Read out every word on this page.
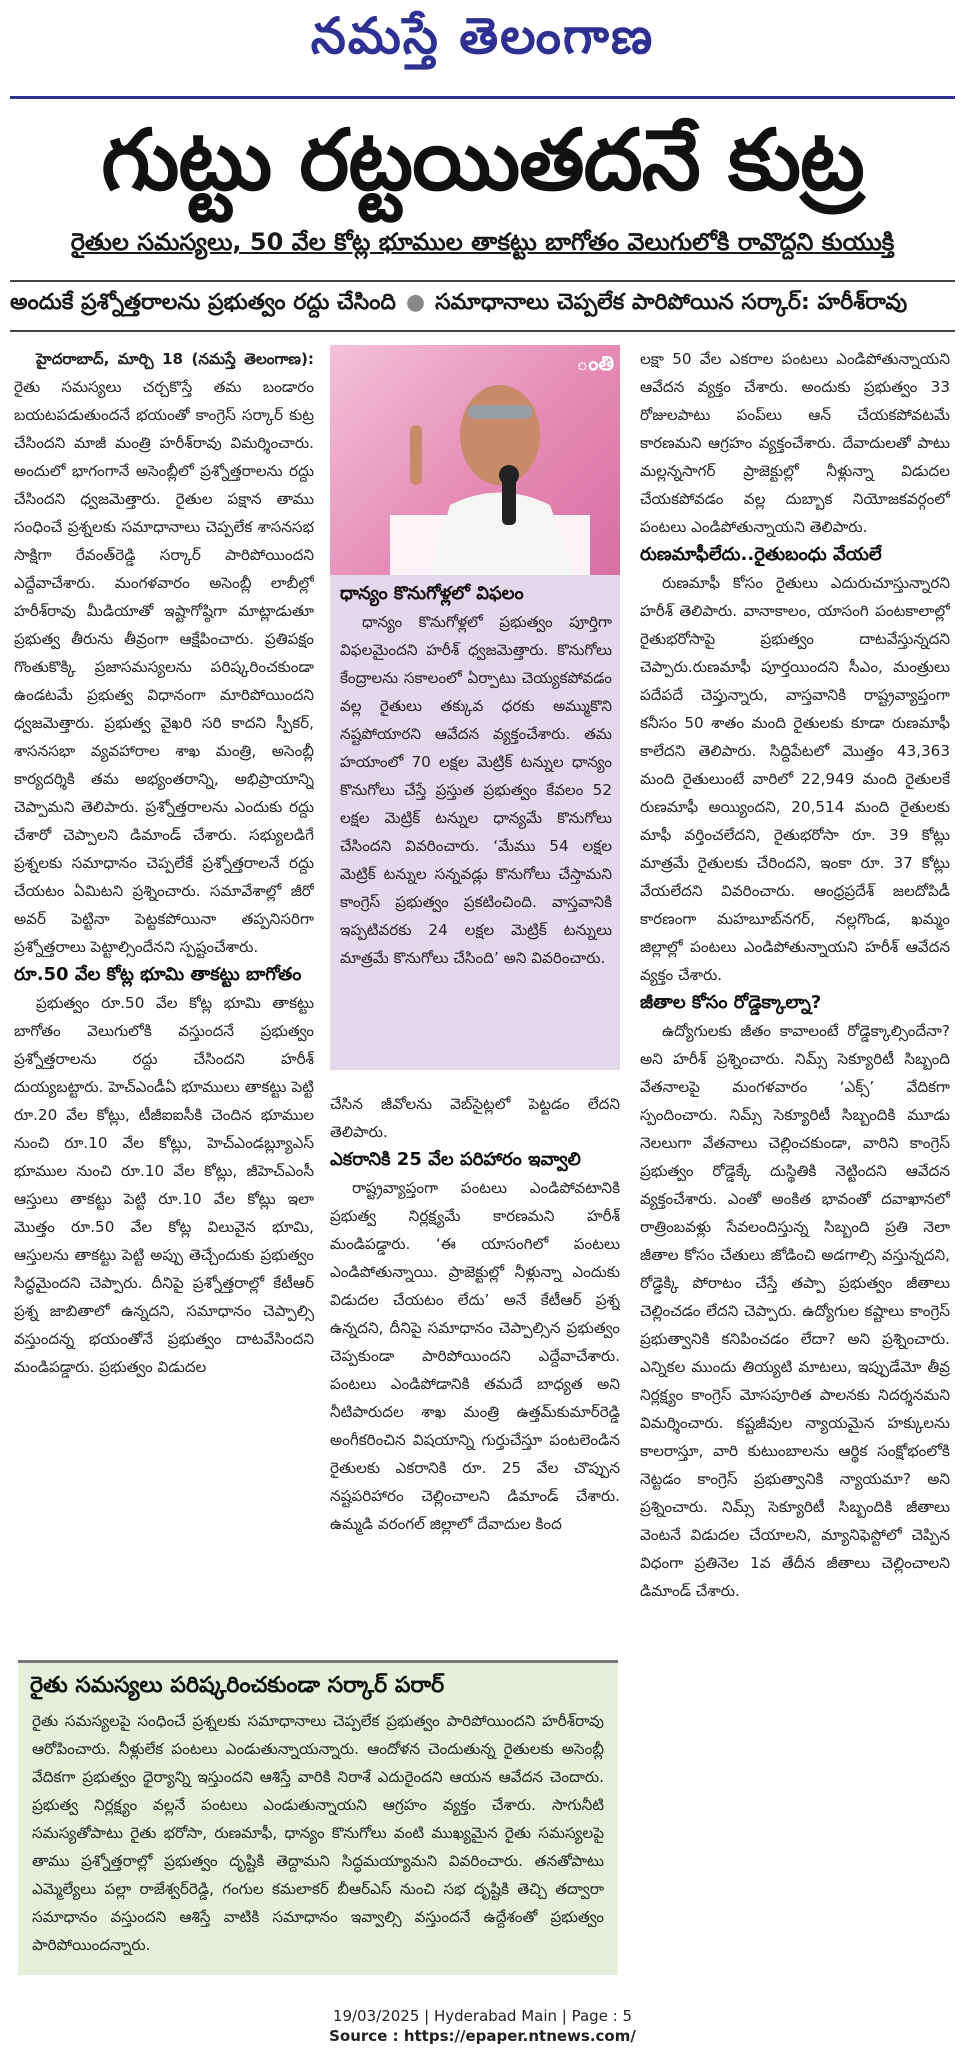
నమస్తే తెలంగాణ
గుట్టు రట్టయితదనే కుట్ర
రైతుల సమస్యలు, 50 వేల కోట్ల భూముల తాకట్టు బాగోతం వెలుగులోకి రావొద్దని కుయుక్తి
అందుకే ప్రశ్నోత్తరాలను ప్రభుత్వం రద్దు చేసింది ● సమాధానాలు చెప్పలేక పారిపోయిన సర్కార్: హరీశ్‌రావు

హైదరాబాద్, మార్చి 18 (నమస్తే తెలంగాణ): రైతు సమస్యలు చర్చకొస్తే తమ బండారం బయటపడుతుందనే భయంతో కాంగ్రెస్ సర్కార్ కుట్ర చేసిందని మాజీ మంత్రి హరీశ్‌రావు విమర్శించారు. అందులో భాగంగానే అసెంబ్లీలో ప్రశ్నోత్తరాలను రద్దు చేసిందని ధ్వజమెత్తారు. రైతుల పక్షాన తాము సంధించే ప్రశ్నలకు సమాధానాలు చెప్పలేక శాసనసభ సాక్షిగా రేవంత్‌రెడ్డి సర్కార్ పారిపోయిందని ఎద్దేవాచేశారు. మంగళవారం అసెంబ్లీ లాబీల్లో హరీశ్‌రావు మీడియాతో ఇష్టాగోష్ఠిగా మాట్లాడుతూ ప్రభుత్వ తీరును తీవ్రంగా ఆక్షేపించారు. ప్రతిపక్షం గొంతుకొక్కి ప్రజాసమస్యలను పరిష్కరించకుండా ఉండటమే ప్రభుత్వ విధానంగా మారిపోయిందని ధ్వజమెత్తారు. ప్రభుత్వ వైఖరి సరి కాదని స్పీకర్, శాసనసభా వ్యవహారాల శాఖ మంత్రి, అసెంబ్లీ కార్యదర్శికి తమ అభ్యంతరాన్ని, అభిప్రాయాన్ని చెప్పామని తెలిపారు. ప్రశ్నోత్తరాలను ఎందుకు రద్దు చేశారో చెప్పాలని డిమాండ్ చేశారు. సభ్యులడిగే ప్రశ్నలకు సమాధానం చెప్పలేకే ప్రశ్నోత్తరాలనే రద్దు చేయటం ఏమిటని ప్రశ్నించారు. సమావేశాల్లో జీరో అవర్ పెట్టినా పెట్టకపోయినా తప్పనిసరిగా ప్రశ్నోత్తరాలు పెట్టాల్సిందేనని స్పష్టంచేశారు.

రూ.50 వేల కోట్ల భూమి తాకట్టు బాగోతం

ప్రభుత్వం రూ.50 వేల కోట్ల భూమి తాకట్టు బాగోతం వెలుగులోకి వస్తుందనే ప్రభుత్వం ప్రశ్నోత్తరాలను రద్దు చేసిందని హరీశ్ దుయ్యబట్టారు. హెచ్‌ఎండీఏ భూములు తాకట్టు పెట్టి రూ.20 వేల కోట్లు, టీజీఐఐసీకి చెందిన భూముల నుంచి రూ.10 వేల కోట్లు, హెచ్‌ఎండబ్ల్యూఎస్ భూముల నుంచి రూ.10 వేల కోట్లు, జీహెచ్‌ఎంసీ ఆస్తులు తాకట్టు పెట్టి రూ.10 వేల కోట్లు ఇలా మొత్తం రూ.50 వేల కోట్ల విలువైన భూమి, ఆస్తులను తాకట్టు పెట్టి అప్పు తెచ్చేందుకు ప్రభుత్వం సిద్ధమైందని చెప్పారు. దీనిపై ప్రశ్నోత్తరాల్లో కేటీఆర్ ప్రశ్న జాబితాలో ఉన్నదని, సమాధానం చెప్పాల్సి వస్తుందన్న భయంతోనే ప్రభుత్వం దాటవేసిందని మండిపడ్డారు. ప్రభుత్వం విడుదల

ంతి

ధాన్యం కొనుగోళ్లలో విఫలం

ధాన్యం కొనుగోళ్లలో ప్రభుత్వం పూర్తిగా విఫలమైందని హరీశ్ ధ్వజమెత్తారు. కొనుగోలు కేంద్రాలను సకాలంలో ఏర్పాటు చెయ్యకపోవడం వల్ల రైతులు తక్కువ ధరకు అమ్ముకొని నష్టపోయారని ఆవేదన వ్యక్తంచేశారు. తమ హయాంలో 70 లక్షల మెట్రిక్ టన్నుల ధాన్యం కొనుగోలు చేస్తే ప్రస్తుత ప్రభుత్వం కేవలం 52 లక్షల మెట్రిక్ టన్నుల ధాన్యమే కొనుగోలు చేసిందని వివరించారు. ‘మేము 54 లక్షల మెట్రిక్ టన్నుల సన్నవడ్లు కొనుగోలు చేస్తామని కాంగ్రెస్ ప్రభుత్వం ప్రకటించింది. వాస్తవానికి ఇప్పటివరకు 24 లక్షల మెట్రిక్ టన్నులు మాత్రమే కొనుగోలు చేసింది’ అని వివరించారు.

చేసిన జీవోలను వెబ్‌సైట్లలో పెట్టడం లేదని తెలిపారు.

ఎకరానికి 25 వేల పరిహారం ఇవ్వాలి

రాష్ట్రవ్యాప్తంగా పంటలు ఎండిపోవటానికి ప్రభుత్వ నిర్లక్ష్యమే కారణమని హరీశ్ మండిపడ్డారు. ‘ఈ యాసంగిలో పంటలు ఎండిపోతున్నాయి. ప్రాజెక్టుల్లో నీళ్లున్నా ఎందుకు విడుదల చేయటం లేదు’ అనే కేటీఆర్ ప్రశ్న ఉన్నదని, దీనిపై సమాధానం చెప్పాల్సిన ప్రభుత్వం చెప్పకుండా పారిపోయిందని ఎద్దేవాచేశారు. పంటలు ఎండిపోడానికి తమదే బాధ్యత అని నీటిపారుదల శాఖ మంత్రి ఉత్తమ్‌కుమార్‌రెడ్డి అంగీకరించిన విషయాన్ని గుర్తుచేస్తూ పంటలెండిన రైతులకు ఎకరానికి రూ. 25 వేల చొప్పున నష్టపరిహారం చెల్లించాలని డిమాండ్ చేశారు. ఉమ్మడి వరంగల్ జిల్లాలో దేవాదుల కింద

లక్షా 50 వేల ఎకరాల పంటలు ఎండిపోతున్నాయని ఆవేదన వ్యక్తం చేశారు. అందుకు ప్రభుత్వం 33 రోజులపాటు పంప్‌లు ఆన్ చేయకపోవటమే కారణమని ఆగ్రహం వ్యక్తంచేశారు. దేవాదులతో పాటు మల్లన్నసాగర్ ప్రాజెక్టుల్లో నీళ్లున్నా విడుదల చేయకపోవడం వల్ల దుబ్బాక నియోజకవర్గంలో పంటలు ఎండిపోతున్నాయని తెలిపారు.

రుణమాఫీలేదు..రైతుబంధు వేయలే

రుణమాఫీ కోసం రైతులు ఎదురుచూస్తున్నారని హరీశ్ తెలిపారు. వానాకాలం, యాసంగి పంటకాలాల్లో రైతుభరోసాపై ప్రభుత్వం దాటవేస్తున్నదని చెప్పారు.రుణమాఫీ పూర్తయిందని సీఎం, మంత్రులు పదేపదే చెప్తున్నారు, వాస్తవానికి రాష్ట్రవ్యాప్తంగా కనీసం 50 శాతం మంది రైతులకు కూడా రుణమాఫీ కాలేదని తెలిపారు. సిద్దిపేటలో మొత్తం 43,363 మంది రైతులుంటే వారిలో 22,949 మంది రైతులకే రుణమాఫీ అయ్యిందని, 20,514 మంది రైతులకు మాఫీ వర్తించలేదని, రైతుభరోసా రూ. 39 కోట్లు మాత్రమే రైతులకు చేరిందని, ఇంకా రూ. 37 కోట్లు వేయలేదని వివరించారు. ఆంధ్రప్రదేశ్ జలదోపిడీ కారణంగా మహబూబ్‌నగర్, నల్లగొండ, ఖమ్మం జిల్లాల్లో పంటలు ఎండిపోతున్నాయని హరీశ్ ఆవేదన వ్యక్తం చేశారు.

జీతాల కోసం రోడ్డెక్కాల్నా?

ఉద్యోగులకు జీతం కావాలంటే రోడ్డెక్కాల్సిందేనా? అని హరీశ్ ప్రశ్నించారు. నిమ్స్ సెక్యూరిటీ సిబ్బంది వేతనాలపై మంగళవారం ‘ఎక్స్’ వేదికగా స్పందించారు. నిమ్స్ సెక్యూరిటీ సిబ్బందికి మూడు నెలలుగా వేతనాలు చెల్లించకుండా, వారిని కాంగ్రెస్ ప్రభుత్వం రోడ్డెక్కే దుస్థితికి నెట్టిందని ఆవేదన వ్యక్తంచేశారు. ఎంతో అంకిత భావంతో దవాఖానలో రాత్రింబవళ్లు సేవలందిస్తున్న సిబ్బంది ప్రతి నెలా జీతాల కోసం చేతులు జోడించి అడగాల్సి వస్తున్నదని, రోడ్డెక్కి పోరాటం చేస్తే తప్పా ప్రభుత్వం జీతాలు చెల్లించడం లేదని చెప్పారు. ఉద్యోగుల కష్టాలు కాంగ్రెస్ ప్రభుత్వానికి కనిపించడం లేదా? అని ప్రశ్నించారు. ఎన్నికల ముందు తియ్యటి మాటలు, ఇప్పుడేమో తీవ్ర నిర్లక్ష్యం కాంగ్రెస్ మోసపూరిత పాలనకు నిదర్శనమని విమర్శించారు. కష్టజీవుల న్యాయమైన హక్కులను కాలరాస్తూ, వారి కుటుంబాలను ఆర్థిక సంక్షోభంలోకి నెట్టడం కాంగ్రెస్ ప్రభుత్వానికి న్యాయమా? అని ప్రశ్నించారు. నిమ్స్ సెక్యూరిటీ సిబ్బందికి జీతాలు వెంటనే విడుదల చేయాలని, మ్యానిఫెస్టోలో చెప్పిన విధంగా ప్రతినెల 1వ తేదీన జీతాలు చెల్లించాలని డిమాండ్ చేశారు.

రైతు సమస్యలు పరిష్కరించకుండా సర్కార్ పరార్
రైతు సమస్యలపై సంధించే ప్రశ్నలకు సమాధానాలు చెప్పలేక ప్రభుత్వం పారిపోయిందని హరీశ్‌రావు ఆరోపించారు. నీళ్లులేక పంటలు ఎండుతున్నాయన్నారు. ఆందోళన చెందుతున్న రైతులకు అసెంబ్లీ వేదికగా ప్రభుత్వం ధైర్యాన్ని ఇస్తుందని ఆశిస్తే వారికి నిరాశే ఎదురైందని ఆయన ఆవేదన చెందారు. ప్రభుత్వ నిర్లక్ష్యం వల్లనే పంటలు ఎండుతున్నాయని ఆగ్రహం వ్యక్తం చేశారు. సాగునీటి సమస్యతోపాటు రైతు భరోసా, రుణమాఫీ, ధాన్యం కొనుగోలు వంటి ముఖ్యమైన రైతు సమస్యలపై తాము ప్రశ్నోత్తరాల్లో ప్రభుత్వం దృష్టికి తెద్దామని సిద్ధమయ్యామని వివరించారు. తనతోపాటు ఎమ్మెల్యేలు పల్లా రాజేశ్వర్‌రెడ్డి, గంగుల కమలాకర్ బీఆర్‌ఎస్ నుంచి సభ దృష్టికి తెచ్చి తద్వారా సమాధానం వస్తుందని ఆశిస్తే వాటికి సమాధానం ఇవ్వాల్సి వస్తుందనే ఉద్దేశంతో ప్రభుత్వం పారిపోయిందన్నారు.
19/03/2025 | Hyderabad Main | Page : 5
Source : https://epaper.ntnews.com/
